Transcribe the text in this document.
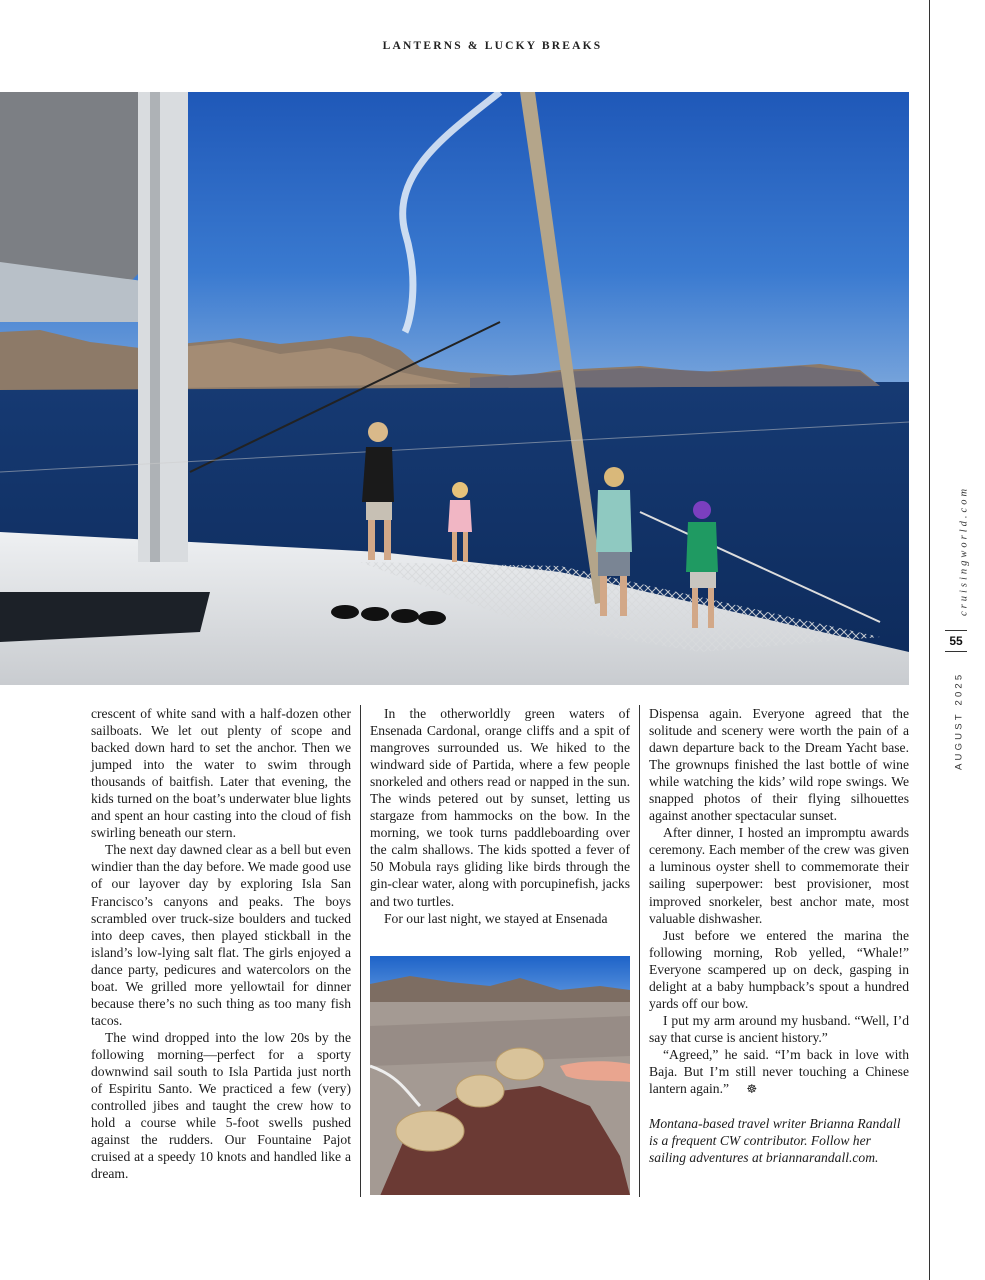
LANTERNS & LUCKY BREAKS

crescent of white sand with a half-dozen other sailboats. We let out plenty of scope and backed down hard to set the anchor. Then we jumped into the water to swim through thousands of baitfish. Later that evening, the kids turned on the boat’s underwater blue lights and spent an hour casting into the cloud of fish swirling beneath our stern.

The next day dawned clear as a bell but even windier than the day before. We made good use of our layover day by exploring Isla San Francisco’s canyons and peaks. The boys scrambled over truck-size boulders and tucked into deep caves, then played stickball in the island’s low-lying salt flat. The girls enjoyed a dance party, pedicures and watercolors on the boat. We grilled more yellowtail for dinner because there’s no such thing as too many fish tacos.

The wind dropped into the low 20s by the following morning—perfect for a sporty downwind sail south to Isla Partida just north of Espiritu Santo. We practiced a few (very) controlled jibes and taught the crew how to hold a course while 5-foot swells pushed against the rudders. Our Fountaine Pajot cruised at a speedy 10 knots and handled like a dream.

In the otherworldly green waters of Ensenada Cardonal, orange cliffs and a spit of mangroves surrounded us. We hiked to the windward side of Partida, where a few people snorkeled and others read or napped in the sun. The winds petered out by sunset, letting us stargaze from hammocks on the bow. In the morning, we took turns paddleboarding over the calm shallows. The kids spotted a fever of 50 Mobula rays gliding like birds through the gin-clear water, along with porcupinefish, jacks and two turtles.

For our last night, we stayed at Ensenada

Dispensa again. Everyone agreed that the solitude and scenery were worth the pain of a dawn departure back to the Dream Yacht base. The grownups finished the last bottle of wine while watching the kids’ wild rope swings. We snapped photos of their flying silhouettes against another spectacular sunset.

After dinner, I hosted an impromptu awards ceremony. Each member of the crew was given a luminous oyster shell to commemorate their sailing superpower: best provisioner, most improved snorkeler, best anchor mate, most valuable dishwasher.

Just before we entered the marina the following morning, Rob yelled, “Whale!” Everyone scampered up on deck, gasping in delight at a baby humpback’s spout a hundred yards off our bow.

I put my arm around my husband. “Well, I’d say that curse is ancient history.”

“Agreed,” he said. “I’m back in love with Baja. But I’m still never touching a Chinese lantern again.” ☸

Montana-based travel writer Brianna Randall is a frequent CW contributor. Follow her sailing adventures at briannarandall.com.

cruisingworld.com
55
AUGUST 2025
